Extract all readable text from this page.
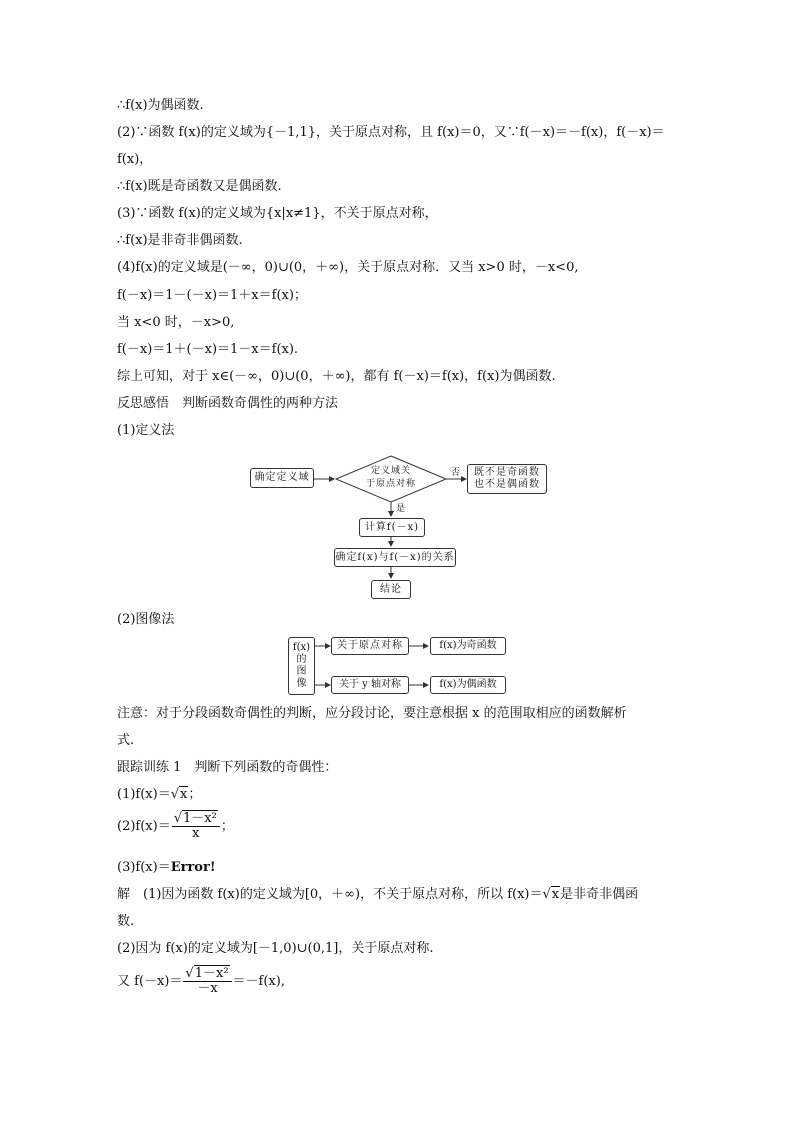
∴f(x)为偶函数.
(2)∵函数 f(x)的定义域为{－1,1}，关于原点对称，且 f(x)＝0，又∵f(－x)＝－f(x)，f(－x)＝
f(x)，
∴f(x)既是奇函数又是偶函数.
(3)∵函数 f(x)的定义域为{x|x≠1}，不关于原点对称，
∴f(x)是非奇非偶函数.
(4)f(x)的定义域是(－∞，0)∪(0，＋∞)，关于原点对称．又当 x>0 时，－x<0,
f(－x)＝1－(－x)＝1＋x＝f(x)；
当 x<0 时，－x>0,
f(－x)＝1＋(－x)＝1－x＝f(x).
综上可知，对于 x∈(－∞，0)∪(0，＋∞)，都有 f(－x)＝f(x)，f(x)为偶函数.
反思感悟　判断函数奇偶性的两种方法
(1)定义法
确定定义域
定义域关
于原点对称
否
是
既不是奇函数
也不是偶函数
计算f(－x)
确定f(x)与f(－x)的关系
结论
(2)图像法
f(x)
的
图
像
关于原点对称	f(x)为奇函数
关于 y 轴对称	f(x)为偶函数
注意：对于分段函数奇偶性的判断，应分段讨论，要注意根据 x 的范围取相应的函数解析
式.
跟踪训练 1　判断下列函数的奇偶性：
(1)f(x)＝√x；
$(2)f(x)= \frac{\text{√1－x²}}{x}$ ；
(3)f(x)＝Error!
解　(1)因为函数 f(x)的定义域为[0，＋∞)，不关于原点对称，所以 f(x)＝√x是非奇非偶函
数.
(2)因为 f(x)的定义域为[－1,0)∪(0,1]，关于原点对称.
又 $f(-x)= \frac{\text{√1－x²}}{-x} =-f(x)$,
